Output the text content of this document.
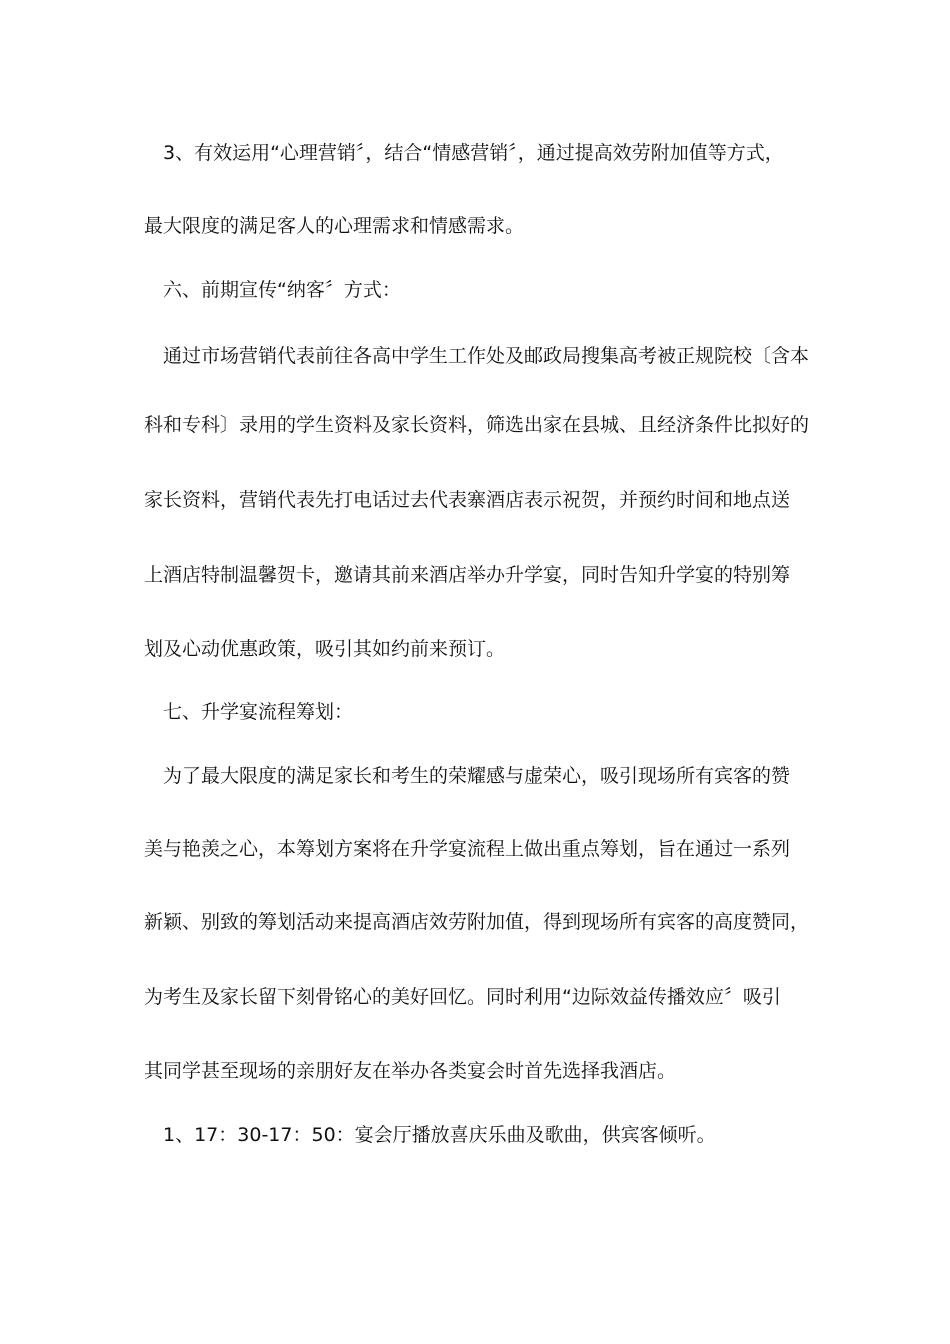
3、有效运用“心理营销〞，结合“情感营销〞，通过提高效劳附加值等方式，
最大限度的满足客人的心理需求和情感需求。
六、前期宣传“纳客〞方式：
通过市场营销代表前往各高中学生工作处及邮政局搜集高考被正规院校〔含本
科和专科〕录用的学生资料及家长资料，筛选出家在县城、且经济条件比拟好的
家长资料，营销代表先打电话过去代表寨酒店表示祝贺，并预约时间和地点送
上酒店特制温馨贺卡，邀请其前来酒店举办升学宴，同时告知升学宴的特别筹
划及心动优惠政策，吸引其如约前来预订。
七、升学宴流程筹划：
为了最大限度的满足家长和考生的荣耀感与虚荣心，吸引现场所有宾客的赞
美与艳羡之心，本筹划方案将在升学宴流程上做出重点筹划，旨在通过一系列
新颖、别致的筹划活动来提高酒店效劳附加值，得到现场所有宾客的高度赞同，
为考生及家长留下刻骨铭心的美好回忆。同时利用“边际效益传播效应〞吸引
其同学甚至现场的亲朋好友在举办各类宴会时首先选择我酒店。
1、17：30-17：50：宴会厅播放喜庆乐曲及歌曲，供宾客倾听。
